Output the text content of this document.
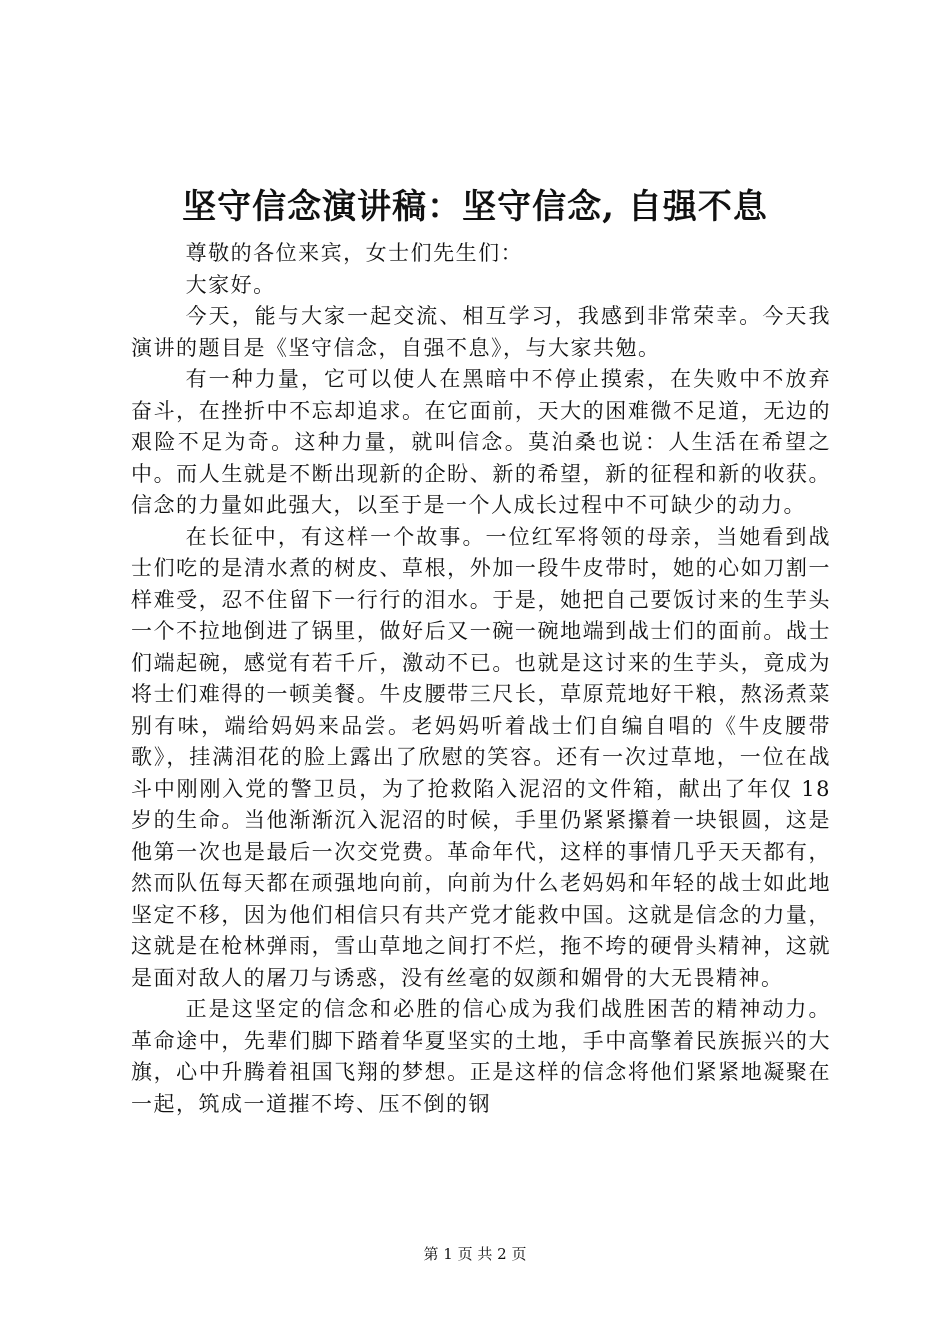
坚守信念演讲稿：坚守信念, 自强不息

尊敬的各位来宾，女士们先生们：

大家好。

今天，能与大家一起交流、相互学习，我感到非常荣幸。今天我演讲的题目是《坚守信念，自强不息》，与大家共勉。

有一种力量，它可以使人在黑暗中不停止摸索，在失败中不放弃奋斗，在挫折中不忘却追求。在它面前，天大的困难微不足道，无边的艰险不足为奇。这种力量，就叫信念。莫泊桑也说：人生活在希望之中。而人生就是不断出现新的企盼、新的希望，新的征程和新的收获。信念的力量如此强大，以至于是一个人成长过程中不可缺少的动力。

在长征中，有这样一个故事。一位红军将领的母亲，当她看到战士们吃的是清水煮的树皮、草根，外加一段牛皮带时，她的心如刀割一样难受，忍不住留下一行行的泪水。于是，她把自己要饭讨来的生芋头一个不拉地倒进了锅里，做好后又一碗一碗地端到战士们的面前。战士们端起碗，感觉有若千斤，激动不已。也就是这讨来的生芋头，竟成为将士们难得的一顿美餐。牛皮腰带三尺长，草原荒地好干粮，熬汤煮菜别有味，端给妈妈来品尝。老妈妈听着战士们自编自唱的《牛皮腰带歌》，挂满泪花的脸上露出了欣慰的笑容。还有一次过草地，一位在战斗中刚刚入党的警卫员，为了抢救陷入泥沼的文件箱，献出了年仅 18 岁的生命。当他渐渐沉入泥沼的时候，手里仍紧紧攥着一块银圆，这是他第一次也是最后一次交党费。革命年代，这样的事情几乎天天都有，然而队伍每天都在顽强地向前，向前为什么老妈妈和年轻的战士如此地坚定不移，因为他们相信只有共产党才能救中国。这就是信念的力量，这就是在枪林弹雨，雪山草地之间打不烂，拖不垮的硬骨头精神，这就是面对敌人的屠刀与诱惑，没有丝毫的奴颜和媚骨的大无畏精神。

正是这坚定的信念和必胜的信心成为我们战胜困苦的精神动力。革命途中，先辈们脚下踏着华夏坚实的土地，手中高擎着民族振兴的大旗，心中升腾着祖国飞翔的梦想。正是这样的信念将他们紧紧地凝聚在一起，筑成一道摧不垮、压不倒的钢

第 1 页 共 2 页
